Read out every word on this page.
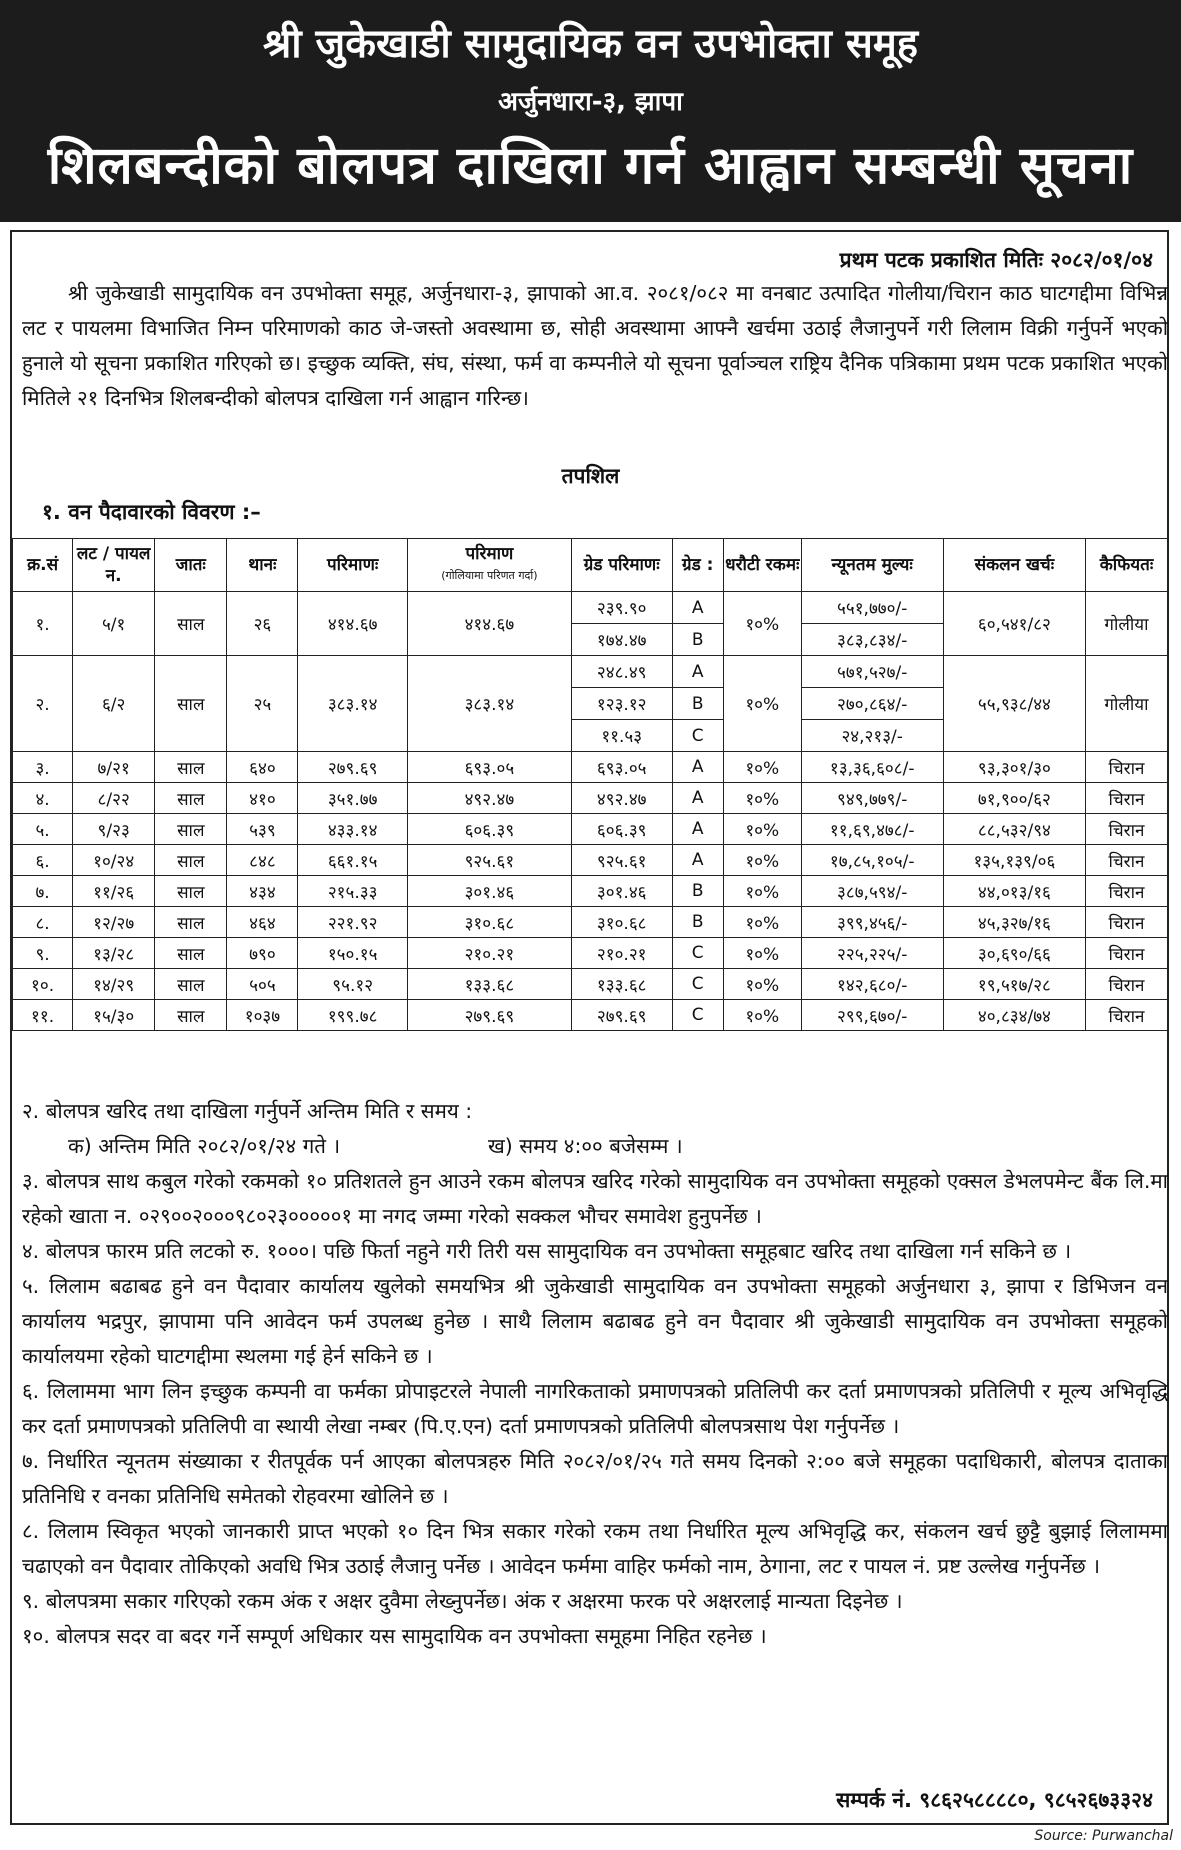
श्री जुकेखाडी सामुदायिक वन उपभोक्ता समूह
अर्जुनधारा-३, झापा
शिलबन्दीको बोलपत्र दाखिला गर्न आह्वान सम्बन्धी सूचना
प्रथम पटक प्रकाशित मितिः २०८२/०१/०४
श्री जुकेखाडी सामुदायिक वन उपभोक्ता समूह, अर्जुनधारा-३, झापाको आ.व. २०८१/०८२ मा वनबाट उत्पादित गोलीया/चिरान काठ घाटगद्दीमा विभिन्न लट र पायलमा विभाजित निम्न परिमाणको काठ जे-जस्तो अवस्थामा छ, सोही अवस्थामा आफ्नै खर्चमा उठाई लैजानुपर्ने गरी लिलाम विक्री गर्नुपर्ने भएको हुनाले यो सूचना प्रकाशित गरिएको छ। इच्छुक व्यक्ति, संघ, संस्था, फर्म वा कम्पनीले यो सूचना पूर्वाञ्चल राष्ट्रिय दैनिक पत्रिकामा प्रथम पटक प्रकाशित भएको मितिले २१ दिनभित्र शिलबन्दीको बोलपत्र दाखिला गर्न आह्वान गरिन्छ।
तपशिल
१. वन पैदावारको विवरण :–
क्र.सं	लट / पायल न.	जातः	थानः	परिमाणः	परिमाण
(गोलियामा परिणत गर्दा)	ग्रेड परिमाणः	ग्रेड :	धरौटी रकमः	न्यूनतम मुल्यः	संकलन खर्चः	कैफियतः
१.	५/१	साल	२६	४१४.६७	४१४.६७	२३९.९०	A	१०%	५५१,७७०/-	६०,५४१/८२	गोलीया
						१७४.४७	B		३८३,८३४/-		
२.	६/२	साल	२५	३८३.१४	३८३.१४	२४८.४९	A	१०%	५७१,५२७/-	५५,९३८/४४	गोलीया
						१२३.१२	B		२७०,८६४/-		
						११.५३	C		२४,२१३/-		
३.	७/२१	साल	६४०	२७९.६९	६९३.०५	६९३.०५	A	१०%	१३,३६,६०८/-	९३,३०१/३०	चिरान
४.	८/२२	साल	४१०	३५१.७७	४९२.४७	४९२.४७	A	१०%	९४९,७७९/-	७१,९००/६२	चिरान
५.	९/२३	साल	५३९	४३३.१४	६०६.३९	६०६.३९	A	१०%	११,६९,४७८/-	८८,५३२/९४	चिरान
६.	१०/२४	साल	८४८	६६१.१५	९२५.६१	९२५.६१	A	१०%	१७,८५,१०५/-	१३५,१३९/०६	चिरान
७.	११/२६	साल	४३४	२१५.३३	३०१.४६	३०१.४६	B	१०%	३८७,५९४/-	४४,०१३/१६	चिरान
८.	१२/२७	साल	४६४	२२१.९२	३१०.६८	३१०.६८	B	१०%	३९९,४५६/-	४५,३२७/१६	चिरान
९.	१३/२८	साल	७९०	१५०.१५	२१०.२१	२१०.२१	C	१०%	२२५,२२५/-	३०,६९०/६६	चिरान
१०.	१४/२९	साल	५०५	९५.१२	१३३.६८	१३३.६८	C	१०%	१४२,६८०/-	१९,५१७/२८	चिरान
११.	१५/३०	साल	१०३७	१९९.७८	२७९.६९	२७९.६९	C	१०%	२९९,६७०/-	४०,८३४/७४	चिरान

२. बोलपत्र खरिद तथा दाखिला गर्नुपर्ने अन्तिम मिति र समय :

क) अन्तिम मिति २०८२/०१/२४ गते ।	ख) समय ४:०० बजेसम्म ।

३. बोलपत्र साथ कबुल गरेको रकमको १० प्रतिशतले हुन आउने रकम बोलपत्र खरिद गरेको सामुदायिक वन उपभोक्ता समूहको एक्सल डेभलपमेन्ट बैंक लि.मा रहेको खाता न. ०२९००२०००९८०२३०००००१ मा नगद जम्मा गरेको सक्कल भौचर समावेश हुनुपर्नेछ ।

४. बोलपत्र फारम प्रति लटको रु. १०००। पछि फिर्ता नहुने गरी तिरी यस सामुदायिक वन उपभोक्ता समूहबाट खरिद तथा दाखिला गर्न सकिने छ ।

५. लिलाम बढाबढ हुने वन पैदावार कार्यालय खुलेको समयभित्र श्री जुकेखाडी सामुदायिक वन उपभोक्ता समूहको अर्जुनधारा ३, झापा र डिभिजन वन कार्यालय भद्रपुर, झापामा पनि आवेदन फर्म उपलब्ध हुनेछ । साथै लिलाम बढाबढ हुने वन पैदावार श्री जुकेखाडी सामुदायिक वन उपभोक्ता समूहको कार्यालयमा रहेको घाटगद्दीमा स्थलमा गई हेर्न सकिने छ ।

६. लिलाममा भाग लिन इच्छुक कम्पनी वा फर्मका प्रोपाइटरले नेपाली नागरिकताको प्रमाणपत्रको प्रतिलिपी कर दर्ता प्रमाणपत्रको प्रतिलिपी र मूल्य अभिवृद्धि कर दर्ता प्रमाणपत्रको प्रतिलिपी वा स्थायी लेखा नम्बर (पि.ए.एन) दर्ता प्रमाणपत्रको प्रतिलिपी बोलपत्रसाथ पेश गर्नुपर्नेछ ।

७. निर्धारित न्यूनतम संख्याका र रीतपूर्वक पर्न आएका बोलपत्रहरु मिति २०८२/०१/२५ गते समय दिनको २:०० बजे समूहका पदाधिकारी, बोलपत्र दाताका प्रतिनिधि र वनका प्रतिनिधि समेतको रोहवरमा खोलिने छ ।

८. लिलाम स्विकृत भएको जानकारी प्राप्त भएको १० दिन भित्र सकार गरेको रकम तथा निर्धारित मूल्य अभिवृद्धि कर, संकलन खर्च छुट्टै बुझाई लिलाममा चढाएको वन पैदावार तोकिएको अवधि भित्र उठाई लैजानु पर्नेछ । आवेदन फर्ममा वाहिर फर्मको नाम, ठेगाना, लट र पायल नं. प्रष्ट उल्लेख गर्नुपर्नेछ ।

९. बोलपत्रमा सकार गरिएको रकम अंक र अक्षर दुवैमा लेख्नुपर्नेछ। अंक र अक्षरमा फरक परे अक्षरलाई मान्यता दिइनेछ ।

१०. बोलपत्र सदर वा बदर गर्ने सम्पूर्ण अधिकार यस सामुदायिक वन उपभोक्ता समूहमा निहित रहनेछ ।

सम्पर्क नं. ९८६२५८८८८०, ९८५२६७३३२४
Source: Purwanchal
